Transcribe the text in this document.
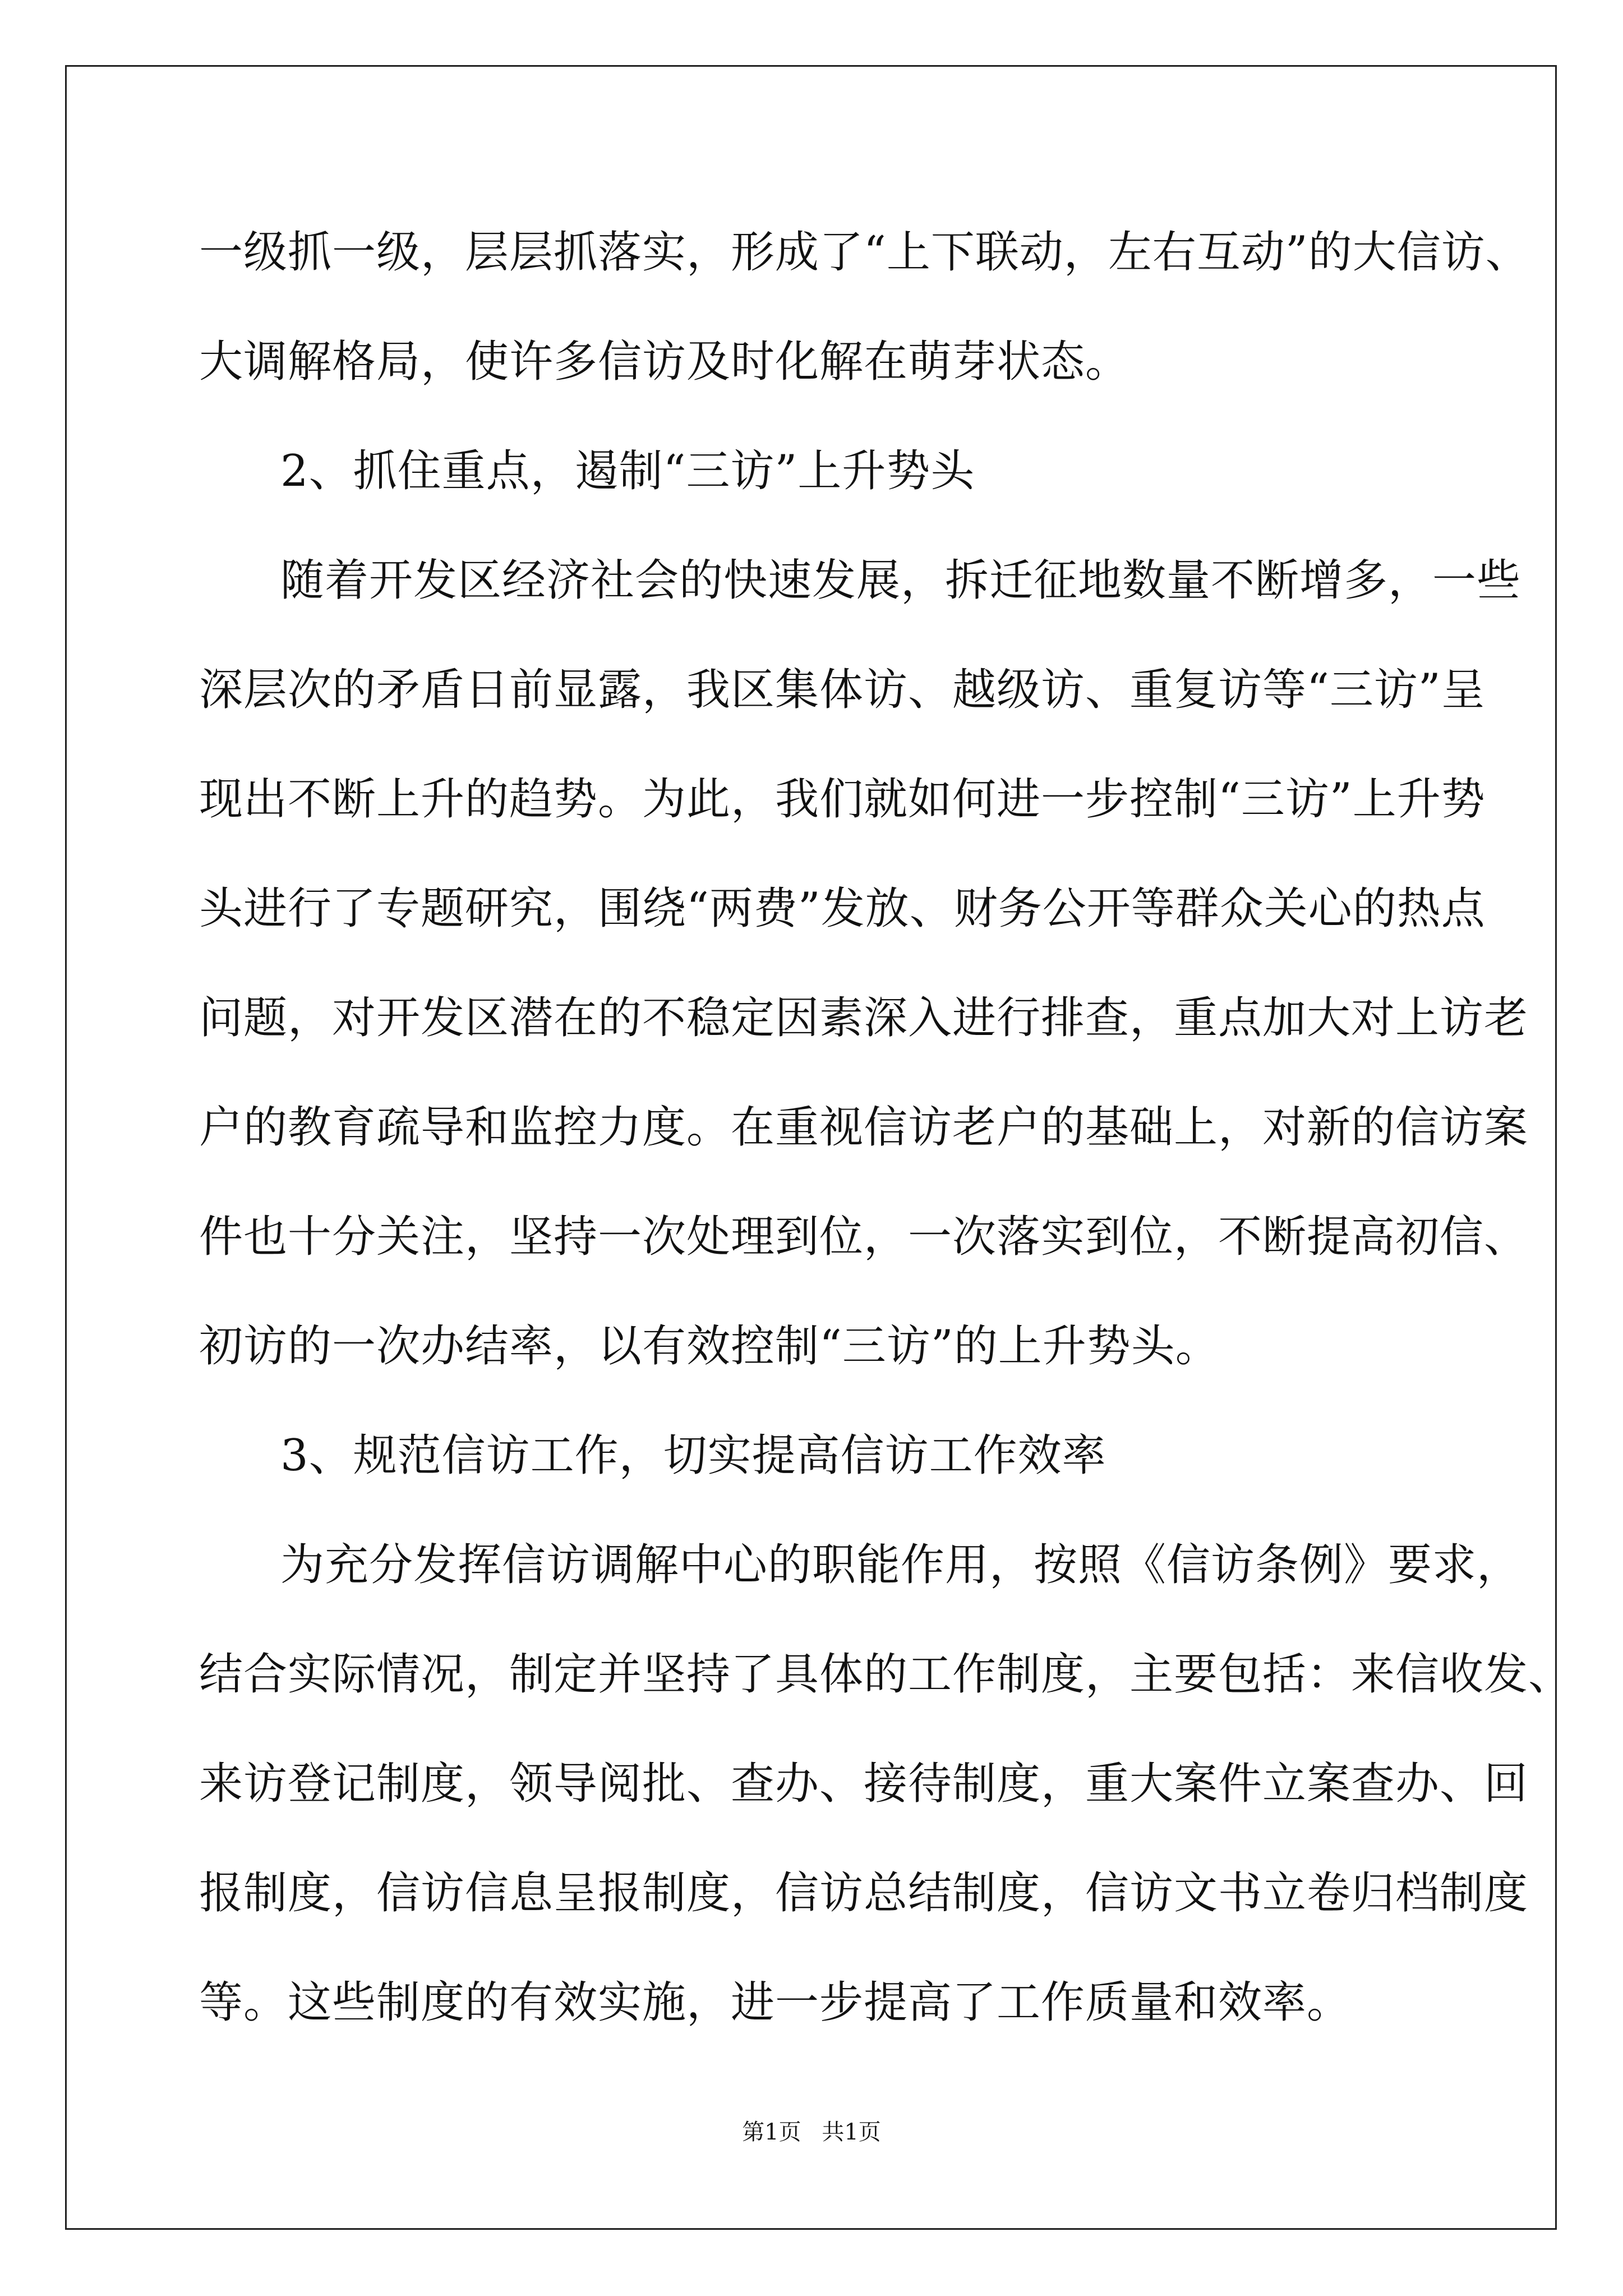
一级抓一级，层层抓落实，形成了“上下联动，左右互动”的大信访、
大调解格局，使许多信访及时化解在萌芽状态。
2、抓住重点，遏制“三访”上升势头
随着开发区经济社会的快速发展，拆迁征地数量不断增多，一些
深层次的矛盾日前显露，我区集体访、越级访、重复访等“三访”呈
现出不断上升的趋势。为此，我们就如何进一步控制“三访”上升势
头进行了专题研究，围绕“两费”发放、财务公开等群众关心的热点
问题，对开发区潜在的不稳定因素深入进行排查，重点加大对上访老
户的教育疏导和监控力度。在重视信访老户的基础上，对新的信访案
件也十分关注，坚持一次处理到位，一次落实到位，不断提高初信、
初访的一次办结率，以有效控制“三访”的上升势头。
3、规范信访工作，切实提高信访工作效率
为充分发挥信访调解中心的职能作用，按照《信访条例》要求，
结合实际情况，制定并坚持了具体的工作制度，主要包括：来信收发、
来访登记制度，领导阅批、查办、接待制度，重大案件立案查办、回
报制度，信访信息呈报制度，信访总结制度，信访文书立卷归档制度
等。这些制度的有效实施，进一步提高了工作质量和效率。
第1页 共1页
